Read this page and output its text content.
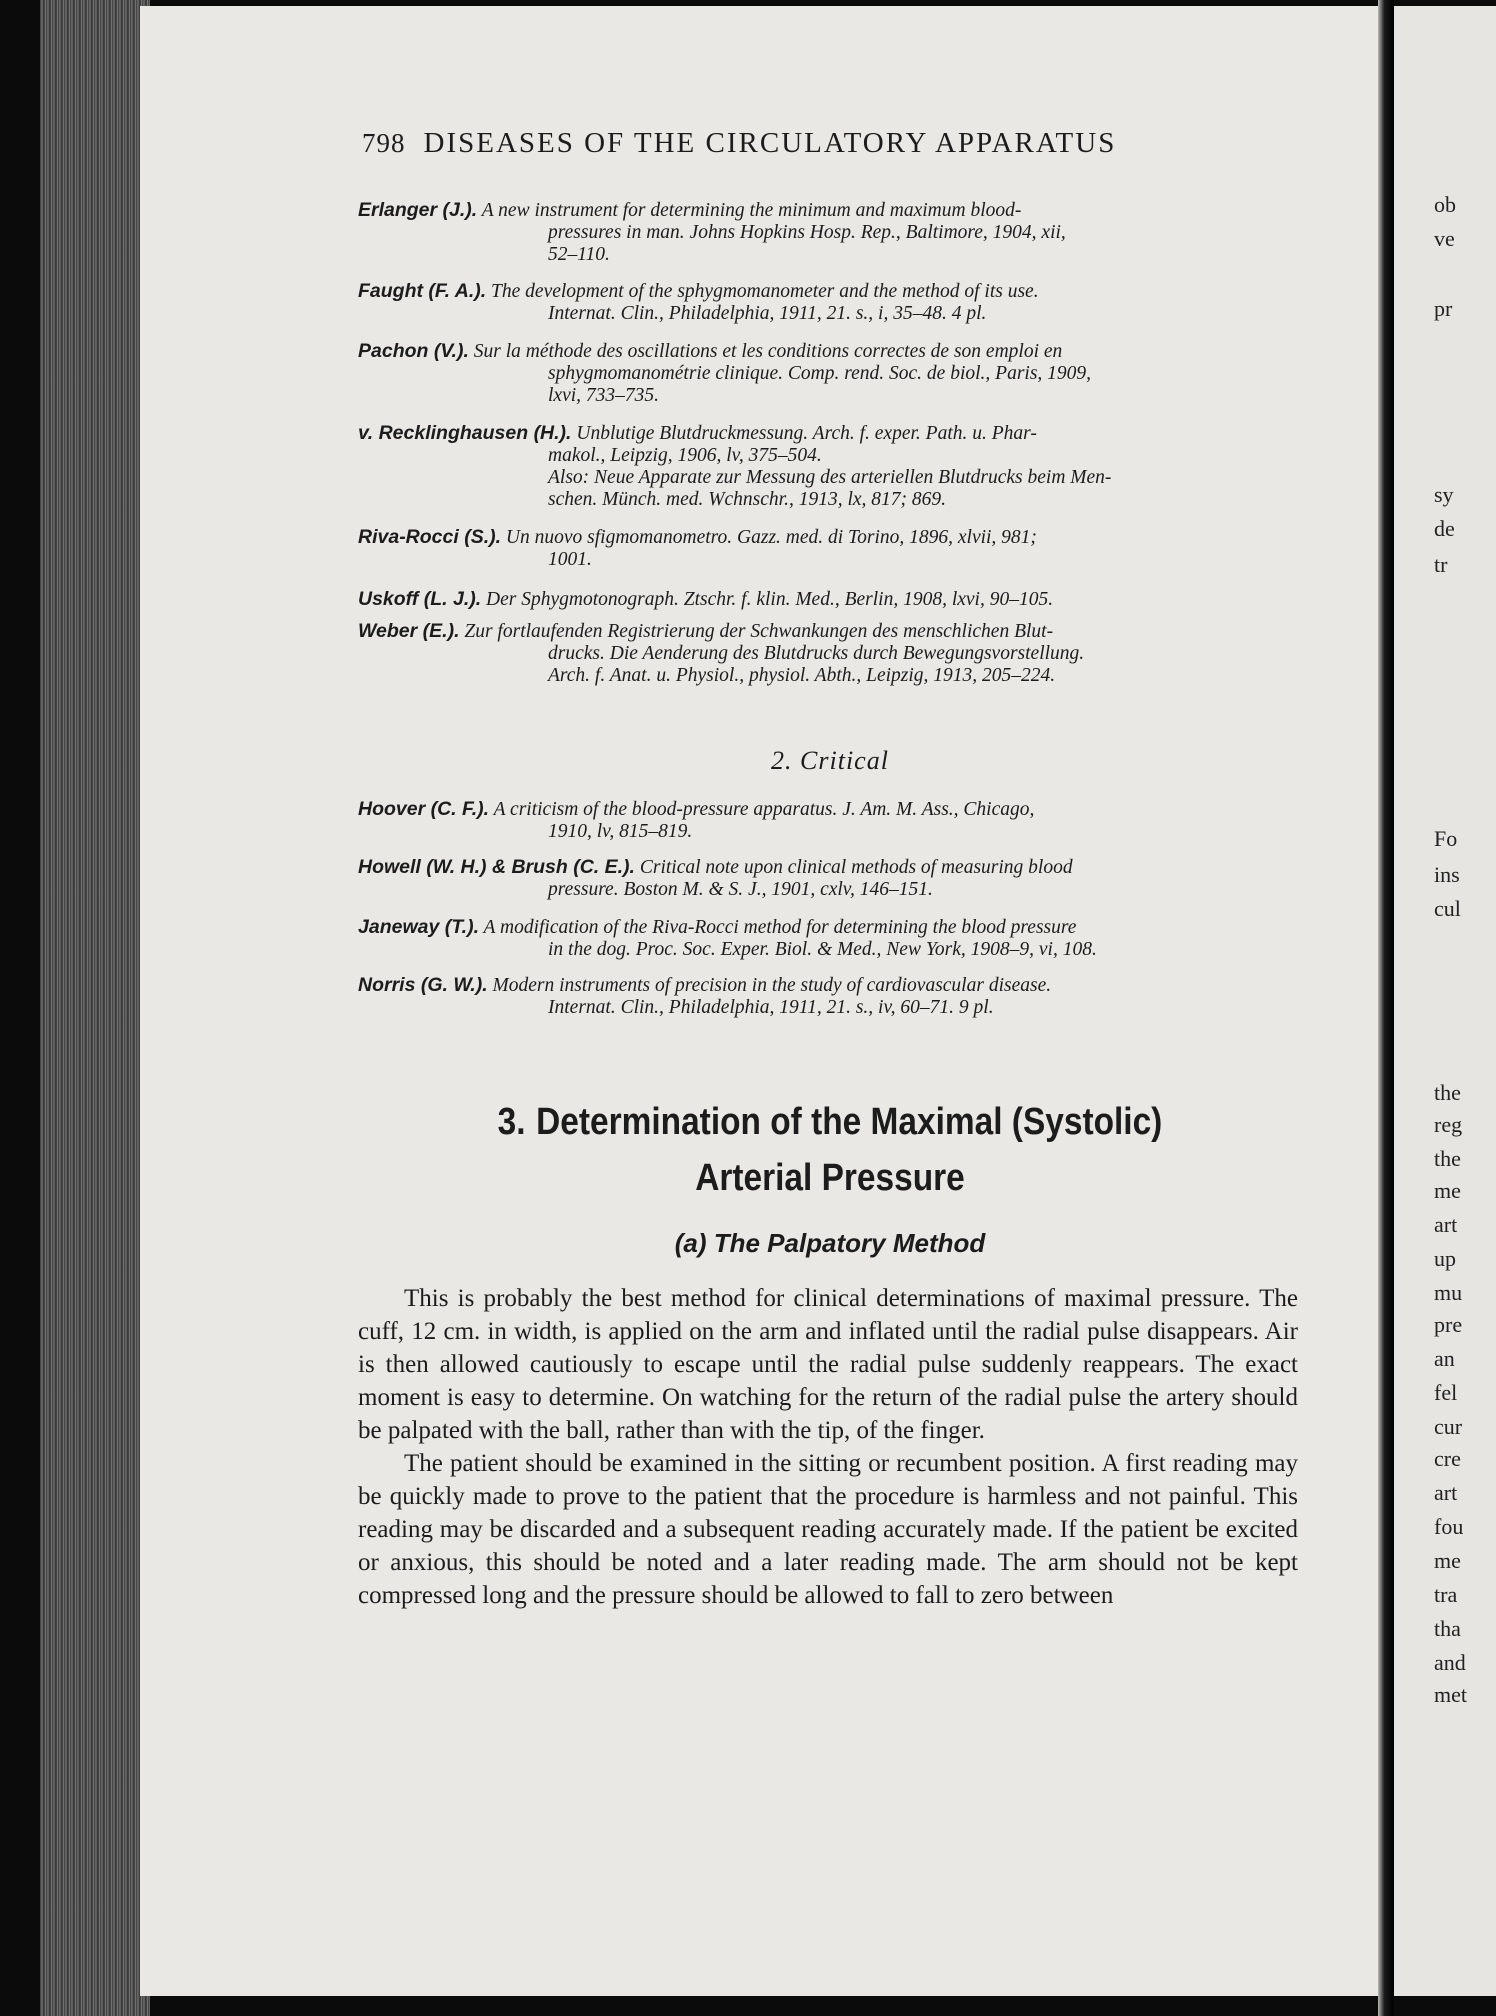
ob
ve
pr
sy
de
tr
Fo
ins
cul
the
reg
the
me
art
up
mu
pre
an
fel
cur
cre
art
fou
me
tra
tha
and
met
798 DISEASES OF THE CIRCULATORY APPARATUS
Erlanger (J.). A new instrument for determining the minimum and maximum blood-
pressures in man. Johns Hopkins Hosp. Rep., Baltimore, 1904, xii,
52–110.
Faught (F. A.). The development of the sphygmomanometer and the method of its use.
Internat. Clin., Philadelphia, 1911, 21. s., i, 35–48. 4 pl.
Pachon (V.). Sur la méthode des oscillations et les conditions correctes de son emploi en
sphygmomanométrie clinique. Comp. rend. Soc. de biol., Paris, 1909,
lxvi, 733–735.
v. Recklinghausen (H.). Unblutige Blutdruckmessung. Arch. f. exper. Path. u. Phar-
makol., Leipzig, 1906, lv, 375–504.
Also: Neue Apparate zur Messung des arteriellen Blutdrucks beim Men-
schen. Münch. med. Wchnschr., 1913, lx, 817; 869.
Riva-Rocci (S.). Un nuovo sfigmomanometro. Gazz. med. di Torino, 1896, xlvii, 981;
1001.
Uskoff (L. J.). Der Sphygmotonograph. Ztschr. f. klin. Med., Berlin, 1908, lxvi, 90–105.
Weber (E.). Zur fortlaufenden Registrierung der Schwankungen des menschlichen Blut-
drucks. Die Aenderung des Blutdrucks durch Bewegungsvorstellung.
Arch. f. Anat. u. Physiol., physiol. Abth., Leipzig, 1913, 205–224.
2. Critical
Hoover (C. F.). A criticism of the blood-pressure apparatus. J. Am. M. Ass., Chicago,
1910, lv, 815–819.
Howell (W. H.) & Brush (C. E.). Critical note upon clinical methods of measuring blood
pressure. Boston M. & S. J., 1901, cxlv, 146–151.
Janeway (T.). A modification of the Riva-Rocci method for determining the blood pressure
in the dog. Proc. Soc. Exper. Biol. & Med., New York, 1908–9, vi, 108.
Norris (G. W.). Modern instruments of precision in the study of cardiovascular disease.
Internat. Clin., Philadelphia, 1911, 21. s., iv, 60–71. 9 pl.
3. Determination of the Maximal (Systolic)
Arterial Pressure
(a) The Palpatory Method

This is probably the best method for clinical determinations of maximal pressure. The cuff, 12 cm. in width, is applied on the arm and inflated until the radial pulse disappears. Air is then allowed cautiously to escape until the radial pulse suddenly reappears. The exact moment is easy to determine. On watching for the return of the radial pulse the artery should be palpated with the ball, rather than with the tip, of the finger.

The patient should be examined in the sitting or recumbent position. A first reading may be quickly made to prove to the patient that the procedure is harmless and not painful. This reading may be discarded and a subsequent reading accurately made. If the patient be excited or anxious, this should be noted and a later reading made. The arm should not be kept compressed long and the pressure should be allowed to fall to zero between
